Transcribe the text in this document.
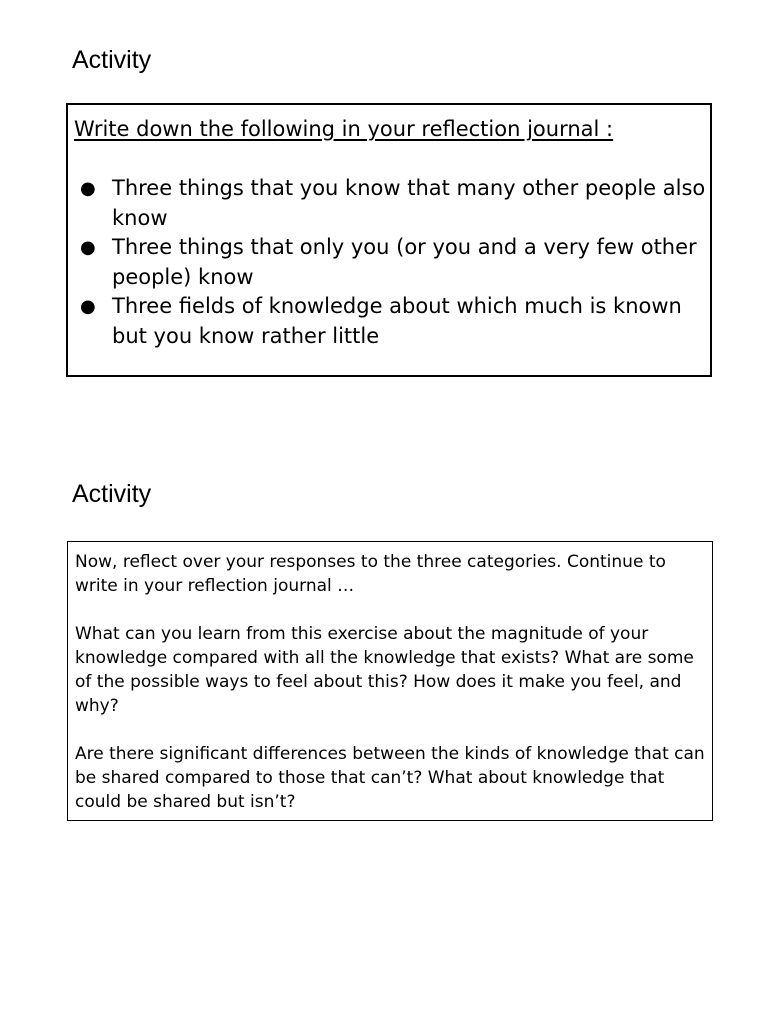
Activity
Write down the following in your reflection journal :
● Three things that you know that many other people also know
● Three things that only you (or you and a very few other people) know
● Three fields of knowledge about which much is known but you know rather little
Activity

Now, reflect over your responses to the three categories. Continue to write in your reflection journal …

What can you learn from this exercise about the magnitude of your knowledge compared with all the knowledge that exists? What are some of the possible ways to feel about this? How does it make you feel, and why?

Are there significant differences between the kinds of knowledge that can be shared compared to those that can’t? What about knowledge that could be shared but isn’t?
